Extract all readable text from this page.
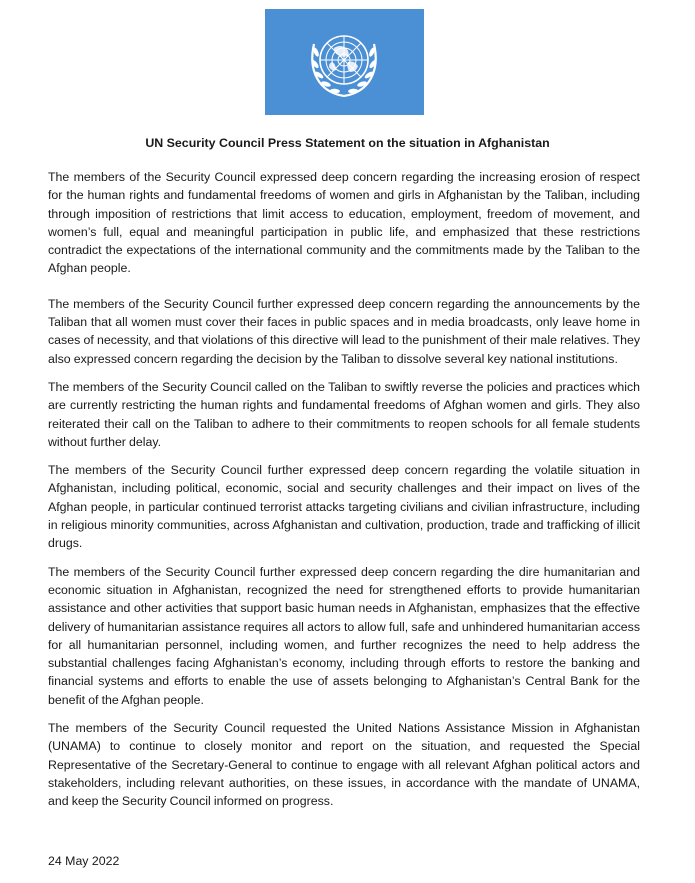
UN Security Council Press Statement on the situation in Afghanistan

The members of the Security Council expressed deep concern regarding the increasing erosion of respect for the human rights and fundamental freedoms of women and girls in Afghanistan by the Taliban, including through imposition of restrictions that limit access to education, employment, freedom of movement, and women’s full, equal and meaningful participation in public life, and emphasized that these restrictions contradict the expectations of the international community and the commitments made by the Taliban to the Afghan people.

The members of the Security Council further expressed deep concern regarding the announcements by the Taliban that all women must cover their faces in public spaces and in media broadcasts, only leave home in cases of necessity, and that violations of this directive will lead to the punishment of their male relatives. They also expressed concern regarding the decision by the Taliban to dissolve several key national institutions.

The members of the Security Council called on the Taliban to swiftly reverse the policies and practices which are currently restricting the human rights and fundamental freedoms of Afghan women and girls. They also reiterated their call on the Taliban to adhere to their commitments to reopen schools for all female students without further delay.

The members of the Security Council further expressed deep concern regarding the volatile situation in Afghanistan, including political, economic, social and security challenges and their impact on lives of the Afghan people, in particular continued terrorist attacks targeting civilians and civilian infrastructure, including in religious minority communities, across Afghanistan and cultivation, production, trade and trafficking of illicit drugs.

The members of the Security Council further expressed deep concern regarding the dire humanitarian and economic situation in Afghanistan, recognized the need for strengthened efforts to provide humanitarian assistance and other activities that support basic human needs in Afghanistan, emphasizes that the effective delivery of humanitarian assistance requires all actors to allow full, safe and unhindered humanitarian access for all humanitarian personnel, including women, and further recognizes the need to help address the substantial challenges facing Afghanistan’s economy, including through efforts to restore the banking and financial systems and efforts to enable the use of assets belonging to Afghanistan’s Central Bank for the benefit of the Afghan people.

The members of the Security Council requested the United Nations Assistance Mission in Afghanistan (UNAMA) to continue to closely monitor and report on the situation, and requested the Special Representative of the Secretary-General to continue to engage with all relevant Afghan political actors and stakeholders, including relevant authorities, on these issues, in accordance with the mandate of UNAMA, and keep the Security Council informed on progress.

24 May 2022
